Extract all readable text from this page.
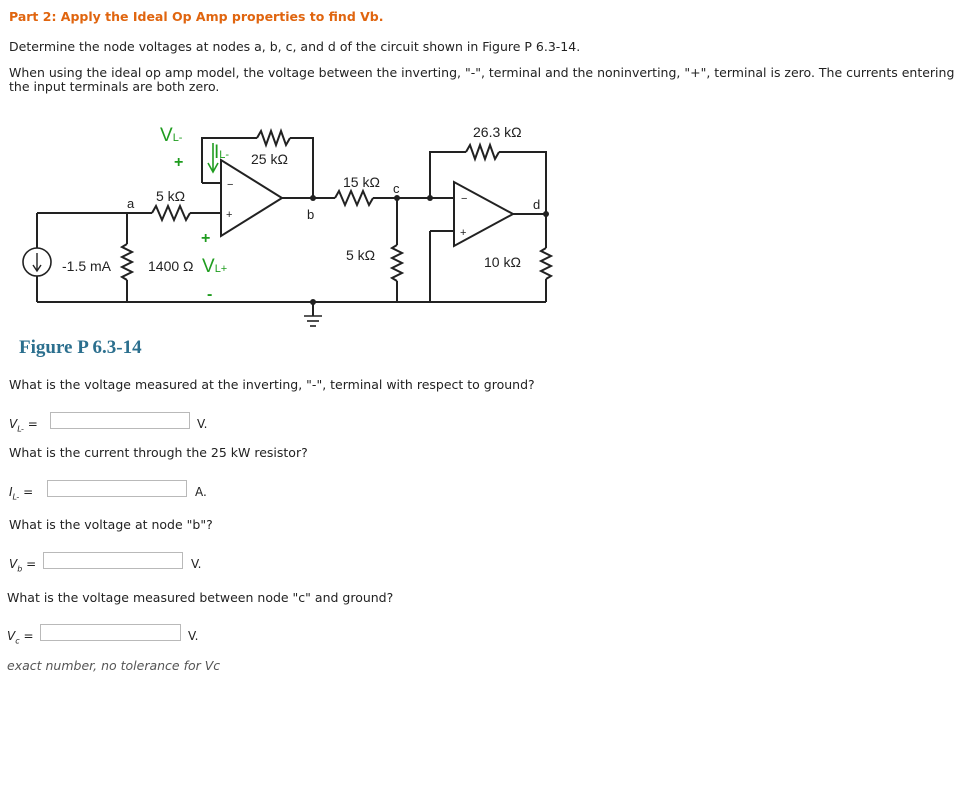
Part 2: Apply the Ideal Op Amp properties to find Vb.
Determine the node voltages at nodes a, b, c, and d of the circuit shown in Figure P 6.3-14.
When using the ideal op amp model, the voltage between the inverting, "-", terminal and the noninverting, "+", terminal is zero. The currents entering
the input terminals are both zero.
−
+
−
+
-1.5 mA	1400 Ω
5 kΩ
25 kΩ
15 kΩ
5 kΩ
26.3 kΩ
10 kΩ
a
b
c
d
VL-
+ IL-
+
VL+
-
Figure P 6.3-14
What is the voltage measured at the inverting, "-", terminal with respect to ground?
$V_{L-}$ =	V.
What is the current through the 25 kW resistor?
$I_{L-}$ =	A.
What is the voltage at node "b"?
$V_b$ =	V.
What is the voltage measured between node "c" and ground?
$V_c$ =	V.
exact number, no tolerance for Vc
